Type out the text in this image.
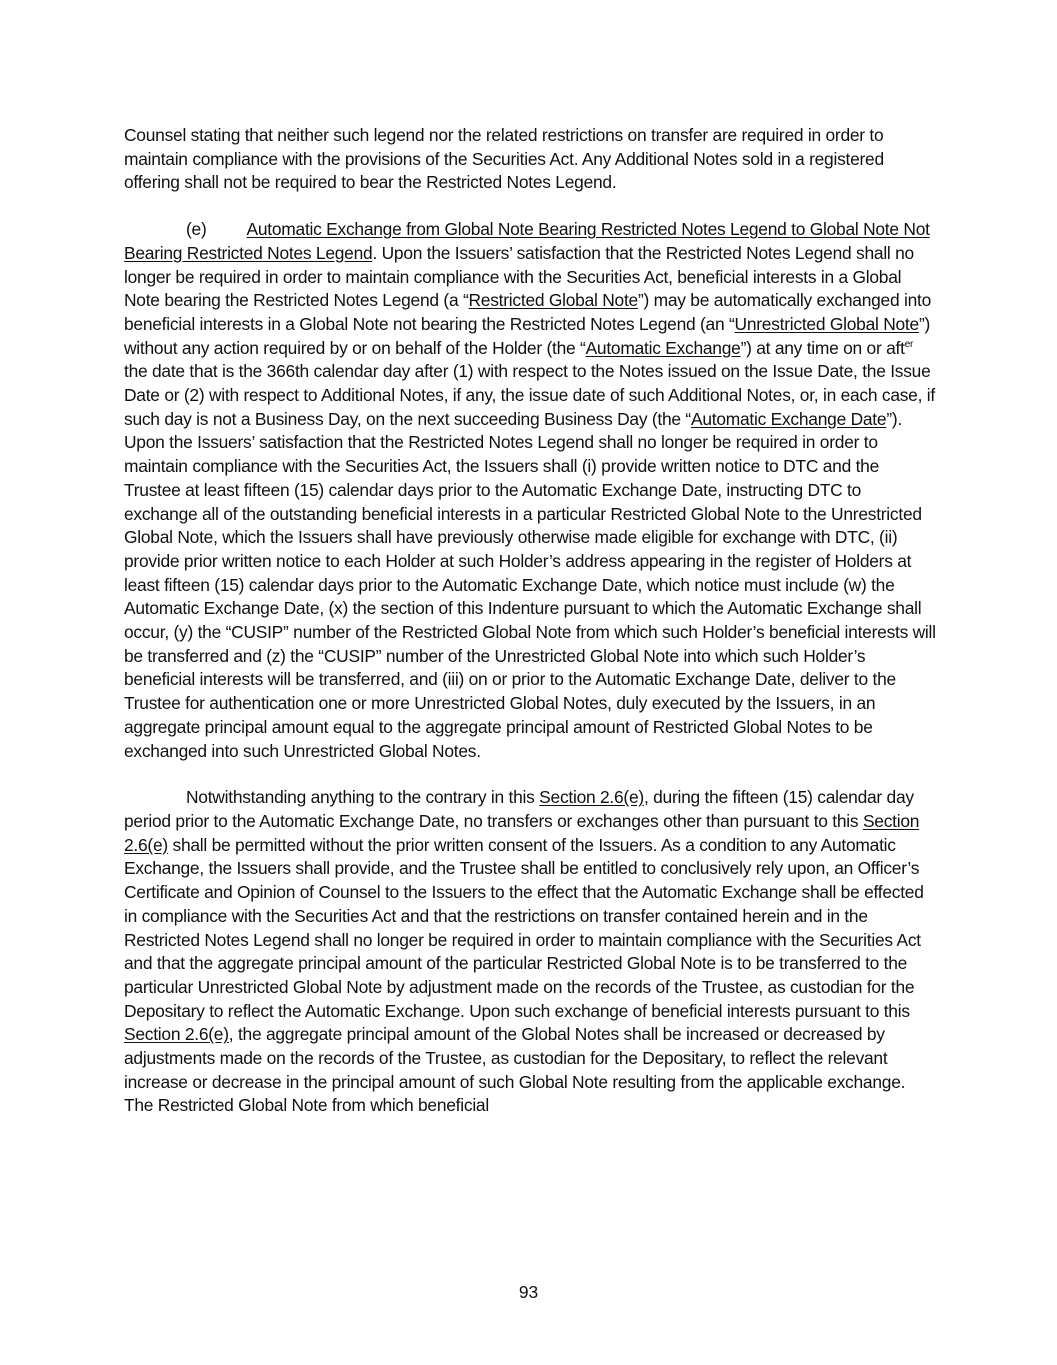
Counsel stating that neither such legend nor the related restrictions on transfer are required in order to maintain compliance with the provisions of the Securities Act. Any Additional Notes sold in a registered offering shall not be required to bear the Restricted Notes Legend.

(e) Automatic Exchange from Global Note Bearing Restricted Notes Legend to Global Note Not Bearing Restricted Notes Legend. Upon the Issuers’ satisfaction that the Restricted Notes Legend shall no longer be required in order to maintain compliance with the Securities Act, beneficial interests in a Global Note bearing the Restricted Notes Legend (a “Restricted Global Note”) may be automatically exchanged into beneficial interests in a Global Note not bearing the Restricted Notes Legend (an “Unrestricted Global Note”) without any action required by or on behalf of the Holder (the “Automatic Exchange”) at any time on or aft$^{er}$ the date that is the 366th calendar day after (1) with respect to the Notes issued on the Issue Date, the Issue Date or (2) with respect to Additional Notes, if any, the issue date of such Additional Notes, or, in each case, if such day is not a Business Day, on the next succeeding Business Day (the “Automatic Exchange Date”). Upon the Issuers’ satisfaction that the Restricted Notes Legend shall no longer be required in order to maintain compliance with the Securities Act, the Issuers shall (i) provide written notice to DTC and the Trustee at least fifteen (15) calendar days prior to the Automatic Exchange Date, instructing DTC to exchange all of the outstanding beneficial interests in a particular Restricted Global Note to the Unrestricted Global Note, which the Issuers shall have previously otherwise made eligible for exchange with DTC, (ii) provide prior written notice to each Holder at such Holder’s address appearing in the register of Holders at least fifteen (15) calendar days prior to the Automatic Exchange Date, which notice must include (w) the Automatic Exchange Date, (x) the section of this Indenture pursuant to which the Automatic Exchange shall occur, (y) the “CUSIP” number of the Restricted Global Note from which such Holder’s beneficial interests will be transferred and (z) the “CUSIP” number of the Unrestricted Global Note into which such Holder’s beneficial interests will be transferred, and (iii) on or prior to the Automatic Exchange Date, deliver to the Trustee for authentication one or more Unrestricted Global Notes, duly executed by the Issuers, in an aggregate principal amount equal to the aggregate principal amount of Restricted Global Notes to be exchanged into such Unrestricted Global Notes.

Notwithstanding anything to the contrary in this Section 2.6(e), during the fifteen (15) calendar day period prior to the Automatic Exchange Date, no transfers or exchanges other than pursuant to this Section 2.6(e) shall be permitted without the prior written consent of the Issuers. As a condition to any Automatic Exchange, the Issuers shall provide, and the Trustee shall be entitled to conclusively rely upon, an Officer’s Certificate and Opinion of Counsel to the Issuers to the effect that the Automatic Exchange shall be effected in compliance with the Securities Act and that the restrictions on transfer contained herein and in the Restricted Notes Legend shall no longer be required in order to maintain compliance with the Securities Act and that the aggregate principal amount of the particular Restricted Global Note is to be transferred to the particular Unrestricted Global Note by adjustment made on the records of the Trustee, as custodian for the Depositary to reflect the Automatic Exchange. Upon such exchange of beneficial interests pursuant to this Section 2.6(e), the aggregate principal amount of the Global Notes shall be increased or decreased by adjustments made on the records of the Trustee, as custodian for the Depositary, to reflect the relevant increase or decrease in the principal amount of such Global Note resulting from the applicable exchange. The Restricted Global Note from which beneficial

93
